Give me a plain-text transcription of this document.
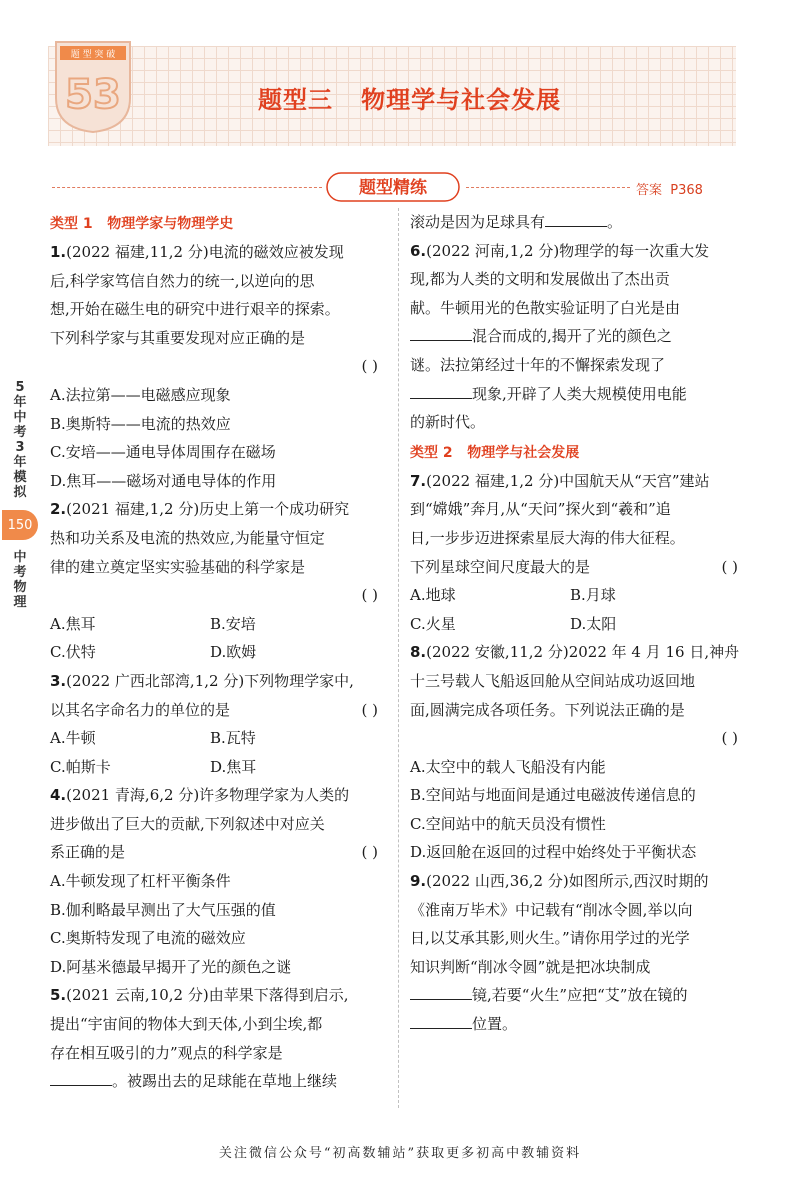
题 型 突 破
53	题型三   物理学与社会发展
题型精练	答案  P368
5年中考3年模拟
150
中考物理
类型 1   物理学家与物理学史
1.(2022 福建,11,2 分)电流的磁效应被发现
后,科学家笃信自然力的统一,以逆向的思
想,开始在磁生电的研究中进行艰辛的探索。
下列科学家与其重要发现对应正确的是
( )
A.法拉第——电磁感应现象
B.奥斯特——电流的热效应
C.安培——通电导体周围存在磁场
D.焦耳——磁场对通电导体的作用
2.(2021 福建,1,2 分)历史上第一个成功研究
热和功关系及电流的热效应,为能量守恒定
律的建立奠定坚实实验基础的科学家是
( )
A.焦耳	B.安培
C.伏特	D.欧姆
3.(2022 广西北部湾,1,2 分)下列物理学家中,
以其名字命名力的单位的是	( )
A.牛顿	B.瓦特
C.帕斯卡	D.焦耳
4.(2021 青海,6,2 分)许多物理学家为人类的
进步做出了巨大的贡献,下列叙述中对应关
系正确的是	( )
A.牛顿发现了杠杆平衡条件
B.伽利略最早测出了大气压强的值
C.奥斯特发现了电流的磁效应
D.阿基米德最早揭开了光的颜色之谜
5.(2021 云南,10,2 分)由苹果下落得到启示,
提出“宇宙间的物体大到天体,小到尘埃,都
存在相互吸引的力”观点的科学家是
。被踢出去的足球能在草地上继续
滚动是因为足球具有	。
6.(2022 河南,1,2 分)物理学的每一次重大发
现,都为人类的文明和发展做出了杰出贡
献。牛顿用光的色散实验证明了白光是由
混合而成的,揭开了光的颜色之
谜。法拉第经过十年的不懈探索发现了
现象,开辟了人类大规模使用电能
的新时代。
类型 2   物理学与社会发展
7.(2022 福建,1,2 分)中国航天从“天宫”建站
到“嫦娥”奔月,从“天问”探火到“羲和”追
日,一步步迈进探索星辰大海的伟大征程。
下列星球空间尺度最大的是	( )
A.地球	B.月球
C.火星	D.太阳
8.(2022 安徽,11,2 分)2022 年 4 月 16 日,神舟
十三号载人飞船返回舱从空间站成功返回地
面,圆满完成各项任务。下列说法正确的是
( )
A.太空中的载人飞船没有内能
B.空间站与地面间是通过电磁波传递信息的
C.空间站中的航天员没有惯性
D.返回舱在返回的过程中始终处于平衡状态
9.(2022 山西,36,2 分)如图所示,西汉时期的
《淮南万毕术》中记载有“削冰令圆,举以向
日,以艾承其影,则火生。”请你用学过的光学
知识判断“削冰令圆”就是把冰块制成
镜,若要“火生”应把“艾”放在镜的
位置。
关注微信公众号“初高数辅站”获取更多初高中教辅资料
